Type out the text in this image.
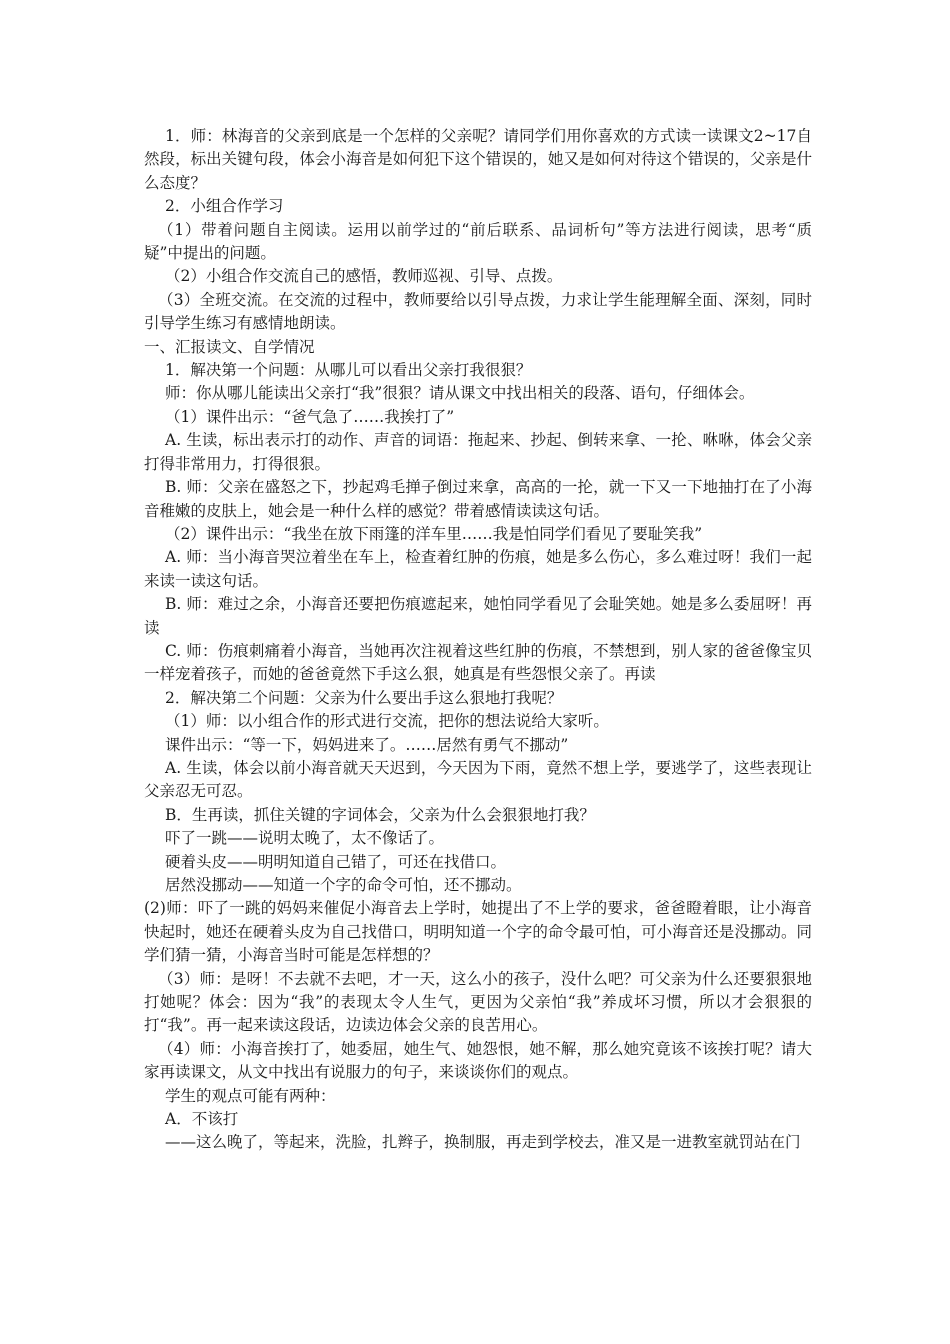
1．师：林海音的父亲到底是一个怎样的父亲呢？请同学们用你喜欢的方式读一读课文2~17自然段，标出关键句段，体会小海音是如何犯下这个错误的，她又是如何对待这个错误的，父亲是什么态度？

2．小组合作学习

（1）带着问题自主阅读。运用以前学过的“前后联系、品词析句”等方法进行阅读，思考“质疑”中提出的问题。

（2）小组合作交流自己的感悟，教师巡视、引导、点拨。

（3）全班交流。在交流的过程中，教师要给以引导点拨，力求让学生能理解全面、深刻，同时引导学生练习有感情地朗读。

一、汇报读文、自学情况

1．解决第一个问题：从哪儿可以看出父亲打我很狠？

师：你从哪儿能读出父亲打“我”很狠？请从课文中找出相关的段落、语句，仔细体会。

（1）课件出示：“爸气急了……我挨打了”

A. 生读，标出表示打的动作、声音的词语：拖起来、抄起、倒转来拿、一抡、咻咻，体会父亲打得非常用力，打得很狠。

B. 师：父亲在盛怒之下，抄起鸡毛掸子倒过来拿，高高的一抡，就一下又一下地抽打在了小海音稚嫩的皮肤上，她会是一种什么样的感觉？带着感情读读这句话。

（2）课件出示：“我坐在放下雨篷的洋车里……我是怕同学们看见了要耻笑我”

A. 师：当小海音哭泣着坐在车上，检查着红肿的伤痕，她是多么伤心，多么难过呀！我们一起来读一读这句话。

B. 师：难过之余，小海音还要把伤痕遮起来，她怕同学看见了会耻笑她。她是多么委屈呀！再读

C. 师：伤痕刺痛着小海音，当她再次注视着这些红肿的伤痕，不禁想到，别人家的爸爸像宝贝一样宠着孩子，而她的爸爸竟然下手这么狠，她真是有些怨恨父亲了。再读

2．解决第二个问题：父亲为什么要出手这么狠地打我呢？

（1）师：以小组合作的形式进行交流，把你的想法说给大家听。

课件出示：“等一下，妈妈进来了。……居然有勇气不挪动”

A. 生读，体会以前小海音就天天迟到，今天因为下雨，竟然不想上学，要逃学了，这些表现让父亲忍无可忍。

B．生再读，抓住关键的字词体会，父亲为什么会狠狠地打我？

吓了一跳——说明太晚了，太不像话了。

硬着头皮——明明知道自己错了，可还在找借口。

居然没挪动——知道一个字的命令可怕，还不挪动。

(2)师：吓了一跳的妈妈来催促小海音去上学时，她提出了不上学的要求，爸爸瞪着眼，让小海音快起时，她还在硬着头皮为自己找借口，明明知道一个字的命令最可怕，可小海音还是没挪动。同学们猜一猜，小海音当时可能是怎样想的？

（3）师：是呀！不去就不去吧，才一天，这么小的孩子，没什么吧？可父亲为什么还要狠狠地打她呢？体会：因为“我”的表现太令人生气，更因为父亲怕“我”养成坏习惯，所以才会狠狠的打“我”。再一起来读这段话，边读边体会父亲的良苦用心。

（4）师：小海音挨打了，她委屈，她生气、她怨恨，她不解，那么她究竟该不该挨打呢？请大家再读课文，从文中找出有说服力的句子，来谈谈你们的观点。

学生的观点可能有两种：

A．不该打

——这么晚了，等起来，洗脸，扎辫子，换制服，再走到学校去，准又是一进教室就罚站在门
